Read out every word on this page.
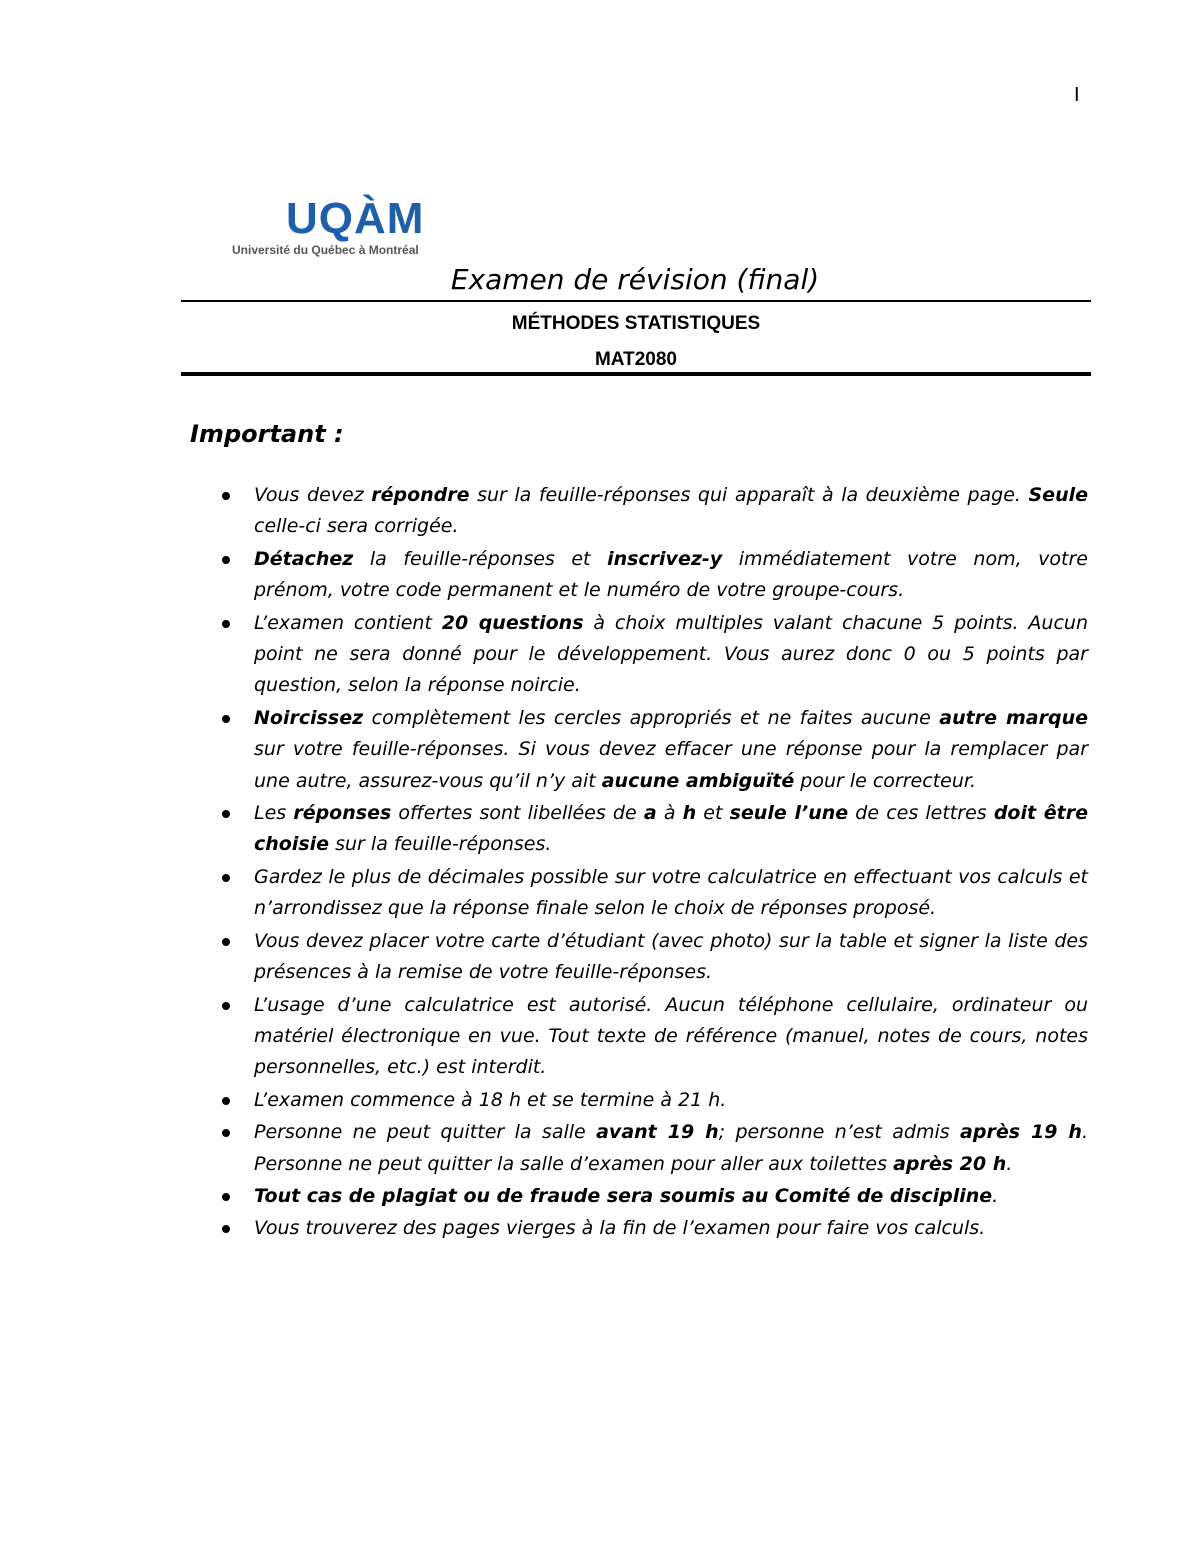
I
UQÀM
Université du Québec à Montréal
Examen de révision (final)
MÉTHODES STATISTIQUES
MAT2080
Important :
Vous devez répondre sur la feuille-réponses qui apparaît à la deuxième page. Seule celle-ci sera corrigée.
Détachez la feuille-réponses et inscrivez-y immédiatement votre nom, votre prénom, votre code permanent et le numéro de votre groupe-cours.
L’examen contient 20 questions à choix multiples valant chacune 5 points. Aucun point ne sera donné pour le développement. Vous aurez donc 0 ou 5 points par question, selon la réponse noircie.
Noircissez complètement les cercles appropriés et ne faites aucune autre marque sur votre feuille-réponses. Si vous devez effacer une réponse pour la remplacer par une autre, assurez-vous qu’il n’y ait aucune ambiguïté pour le correcteur.
Les réponses offertes sont libellées de a à h et seule l’une de ces lettres doit être choisie sur la feuille-réponses.
Gardez le plus de décimales possible sur votre calculatrice en effectuant vos calculs et n’arrondissez que la réponse finale selon le choix de réponses proposé.
Vous devez placer votre carte d’étudiant (avec photo) sur la table et signer la liste des présences à la remise de votre feuille-réponses.
L’usage d’une calculatrice est autorisé. Aucun téléphone cellulaire, ordinateur ou matériel électronique en vue. Tout texte de référence (manuel, notes de cours, notes personnelles, etc.) est interdit.
L’examen commence à 18 h et se termine à 21 h.
Personne ne peut quitter la salle avant 19 h; personne n’est admis après 19 h. Personne ne peut quitter la salle d’examen pour aller aux toilettes après 20 h.
Tout cas de plagiat ou de fraude sera soumis au Comité de discipline.
Vous trouverez des pages vierges à la fin de l’examen pour faire vos calculs.
